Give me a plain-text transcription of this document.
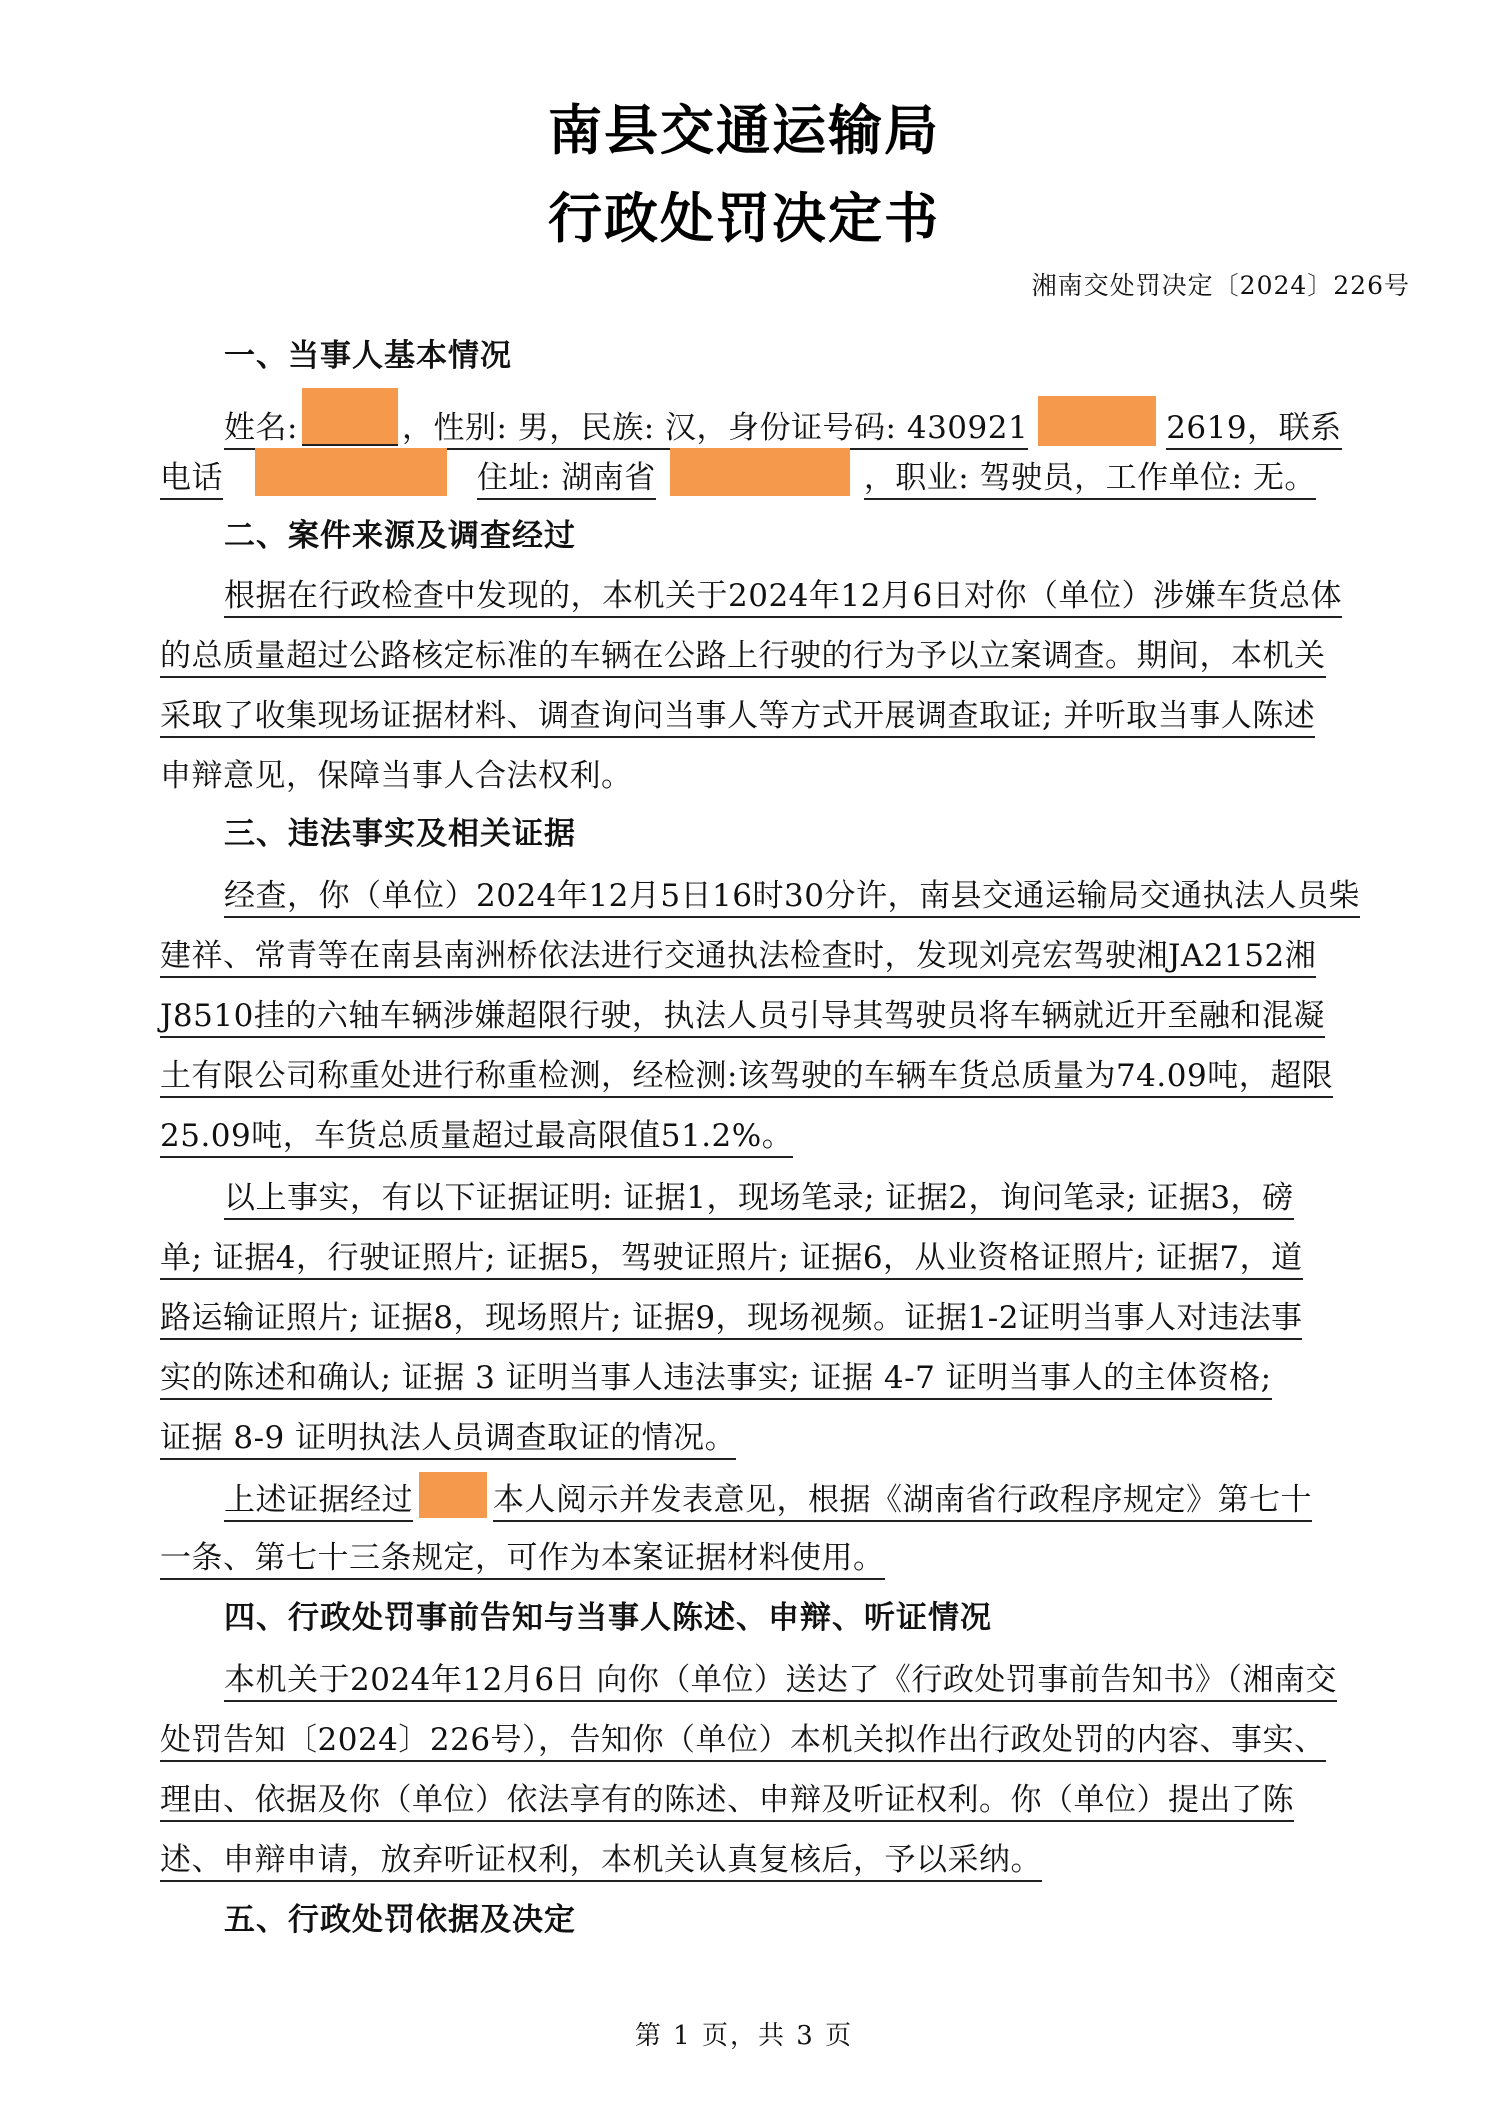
南县交通运输局
行政处罚决定书
湘南交处罚决定〔2024〕226号
一、当事人基本情况
姓名:	，性别: 男，民族: 汉，身份证号码: 430921	2619，联系
电话	住址: 湖南省	，职业: 驾驶员，工作单位: 无。
二、案件来源及调查经过
根据在行政检查中发现的，本机关于2024年12月6日对你（单位）涉嫌车货总体
的总质量超过公路核定标准的车辆在公路上行驶的行为予以立案调查。期间，本机关
采取了收集现场证据材料、调查询问当事人等方式开展调查取证; 并听取当事人陈述
申辩意见，保障当事人合法权利。
三、违法事实及相关证据
经查，你（单位）2024年12月5日16时30分许，南县交通运输局交通执法人员柴
建祥、常青等在南县南洲桥依法进行交通执法检查时，发现刘亮宏驾驶湘JA2152湘
J8510挂的六轴车辆涉嫌超限行驶，执法人员引导其驾驶员将车辆就近开至融和混凝
土有限公司称重处进行称重检测，经检测:该驾驶的车辆车货总质量为74.09吨，超限
25.09吨，车货总质量超过最高限值51.2%。
以上事实，有以下证据证明: 证据1，现场笔录; 证据2，询问笔录; 证据3，磅
单; 证据4，行驶证照片; 证据5，驾驶证照片; 证据6，从业资格证照片; 证据7，道
路运输证照片; 证据8，现场照片; 证据9，现场视频。证据1-2证明当事人对违法事
实的陈述和确认; 证据 3 证明当事人违法事实; 证据 4-7 证明当事人的主体资格;
证据 8-9 证明执法人员调查取证的情况。
上述证据经过	本人阅示并发表意见，根据《湖南省行政程序规定》第七十
一条、第七十三条规定，可作为本案证据材料使用。
四、行政处罚事前告知与当事人陈述、申辩、听证情况
本机关于2024年12月6日 向你（单位）送达了《行政处罚事前告知书》（湘南交
处罚告知〔2024〕226号），告知你（单位）本机关拟作出行政处罚的内容、事实、
理由、依据及你（单位）依法享有的陈述、申辩及听证权利。你（单位）提出了陈
述、申辩申请，放弃听证权利，本机关认真复核后，予以采纳。
五、行政处罚依据及决定
第 1 页，共 3 页
